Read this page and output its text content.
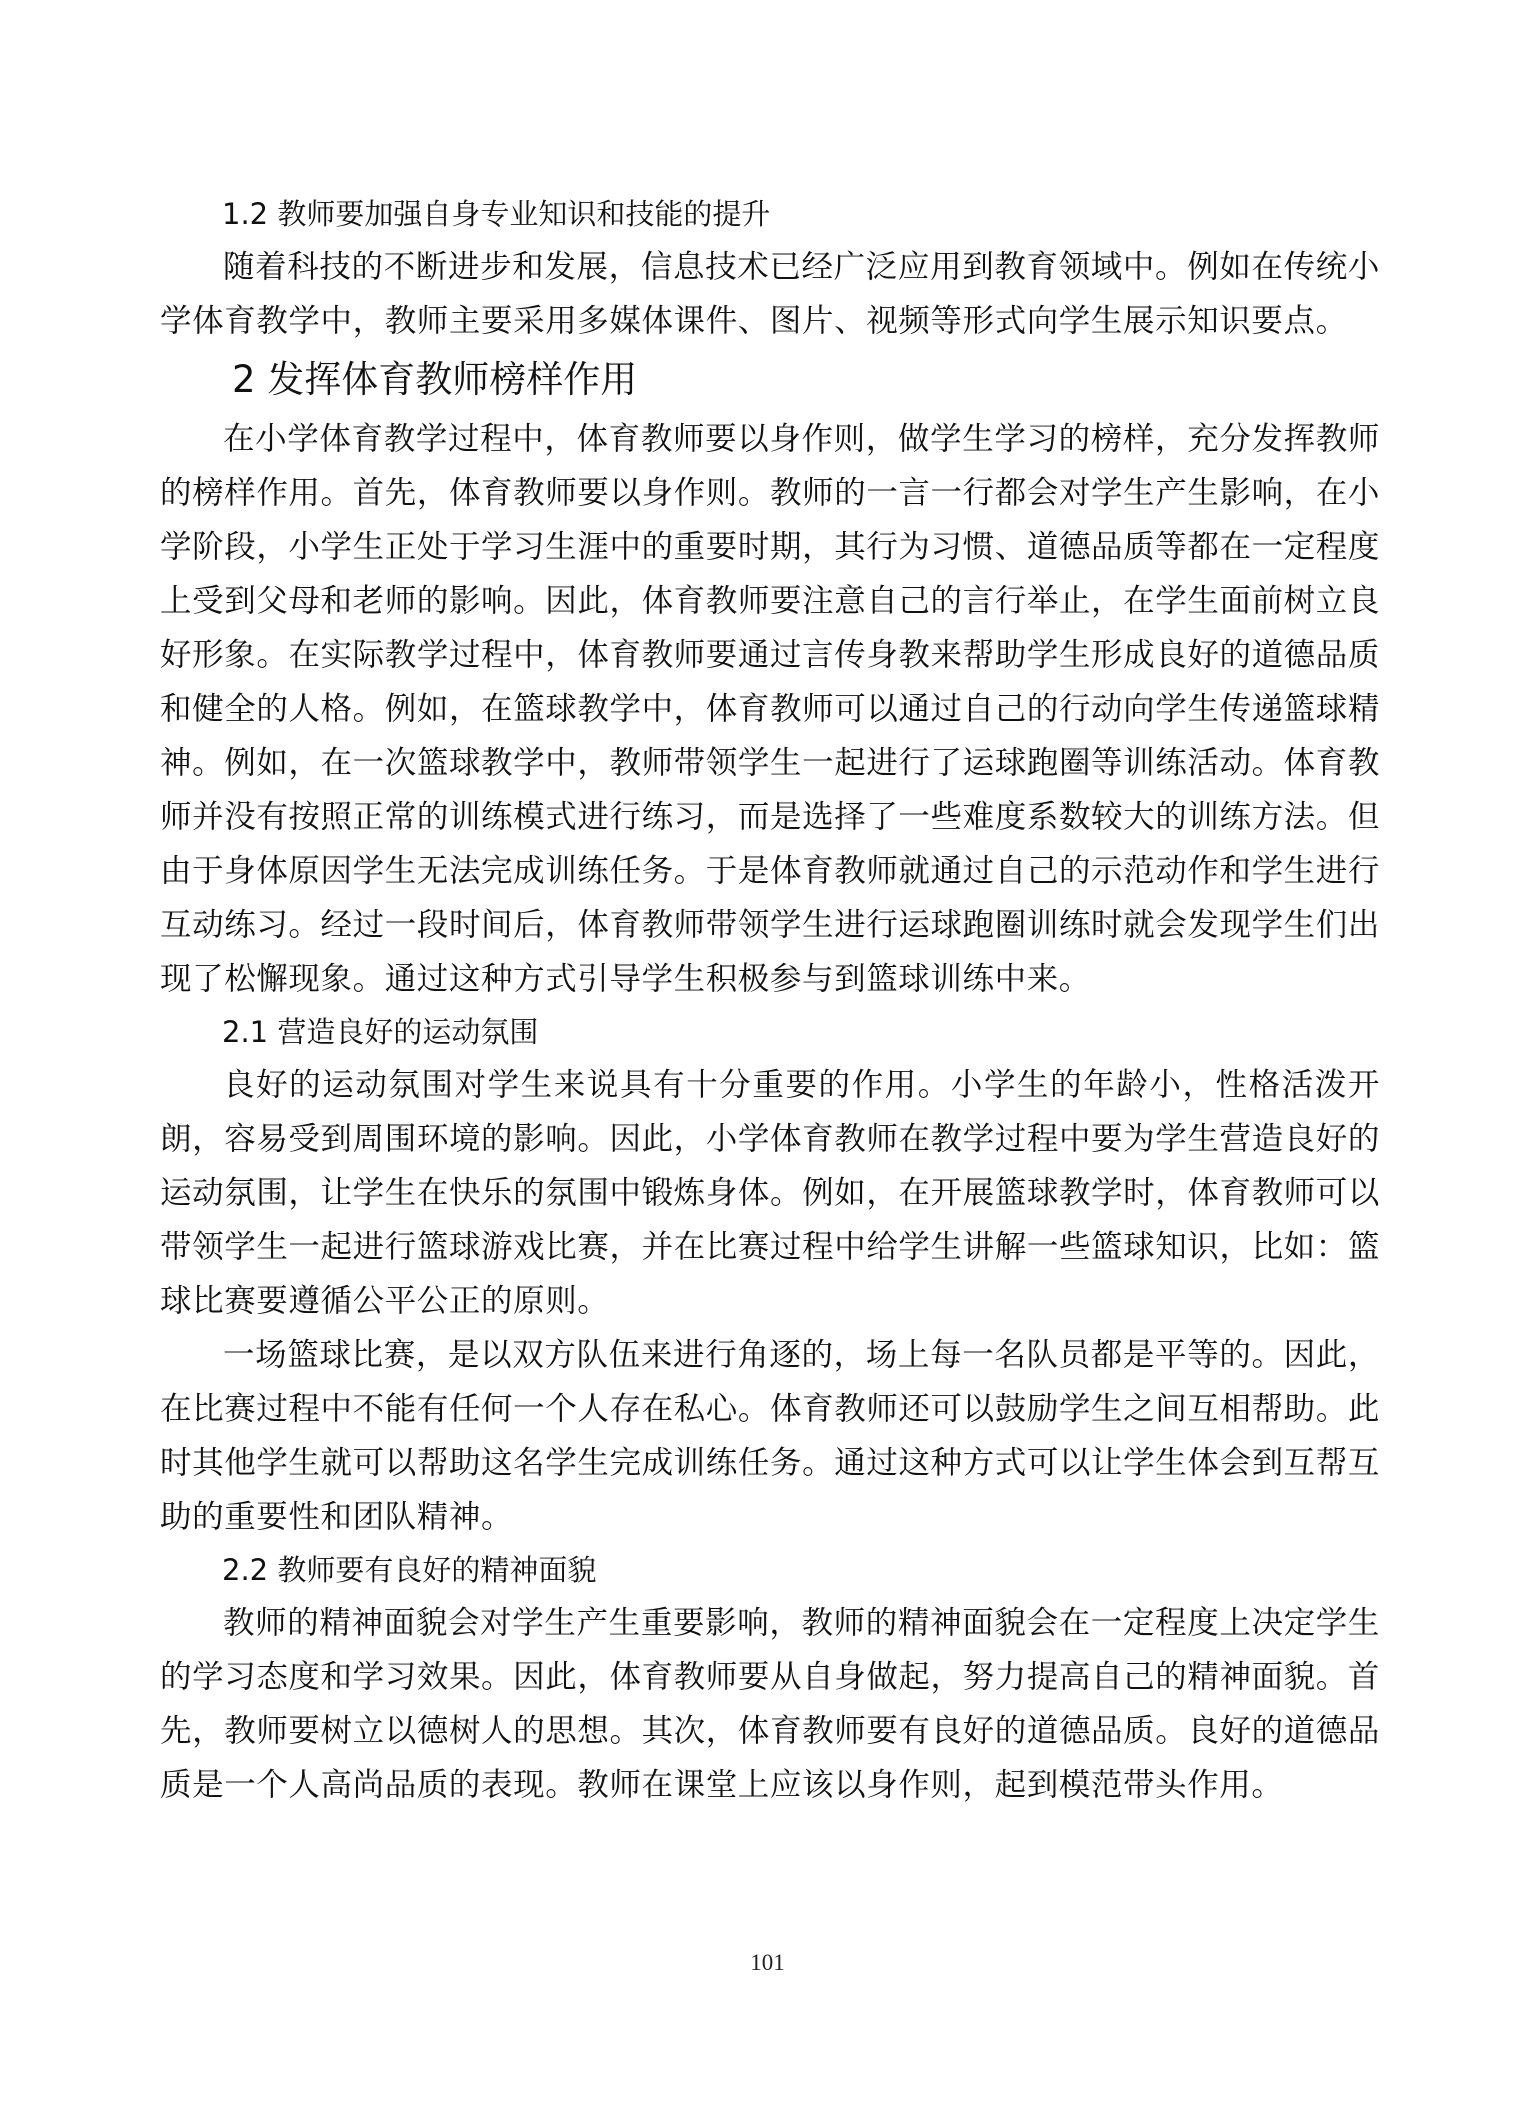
1.2 教师要加强自身专业知识和技能的提升

随着科技的不断进步和发展，信息技术已经广泛应用到教育领域中。例如在传统小学体育教学中，教师主要采用多媒体课件、图片、视频等形式向学生展示知识要点。

2 发挥体育教师榜样作用

在小学体育教学过程中，体育教师要以身作则，做学生学习的榜样，充分发挥教师的榜样作用。首先，体育教师要以身作则。教师的一言一行都会对学生产生影响，在小学阶段，小学生正处于学习生涯中的重要时期，其行为习惯、道德品质等都在一定程度上受到父母和老师的影响。因此，体育教师要注意自己的言行举止，在学生面前树立良好形象。在实际教学过程中，体育教师要通过言传身教来帮助学生形成良好的道德品质和健全的人格。例如，在篮球教学中，体育教师可以通过自己的行动向学生传递篮球精神。例如，在一次篮球教学中，教师带领学生一起进行了运球跑圈等训练活动。体育教师并没有按照正常的训练模式进行练习，而是选择了一些难度系数较大的训练方法。但由于身体原因学生无法完成训练任务。于是体育教师就通过自己的示范动作和学生进行互动练习。经过一段时间后，体育教师带领学生进行运球跑圈训练时就会发现学生们出现了松懈现象。通过这种方式引导学生积极参与到篮球训练中来。

2.1 营造良好的运动氛围

良好的运动氛围对学生来说具有十分重要的作用。小学生的年龄小，性格活泼开朗，容易受到周围环境的影响。因此，小学体育教师在教学过程中要为学生营造良好的运动氛围，让学生在快乐的氛围中锻炼身体。例如，在开展篮球教学时，体育教师可以带领学生一起进行篮球游戏比赛，并在比赛过程中给学生讲解一些篮球知识，比如：篮球比赛要遵循公平公正的原则。

一场篮球比赛，是以双方队伍来进行角逐的，场上每一名队员都是平等的。因此，在比赛过程中不能有任何一个人存在私心。体育教师还可以鼓励学生之间互相帮助。此时其他学生就可以帮助这名学生完成训练任务。通过这种方式可以让学生体会到互帮互助的重要性和团队精神。

2.2 教师要有良好的精神面貌

教师的精神面貌会对学生产生重要影响，教师的精神面貌会在一定程度上决定学生的学习态度和学习效果。因此，体育教师要从自身做起，努力提高自己的精神面貌。首先，教师要树立以德树人的思想。其次，体育教师要有良好的道德品质。良好的道德品质是一个人高尚品质的表现。教师在课堂上应该以身作则，起到模范带头作用。

101
